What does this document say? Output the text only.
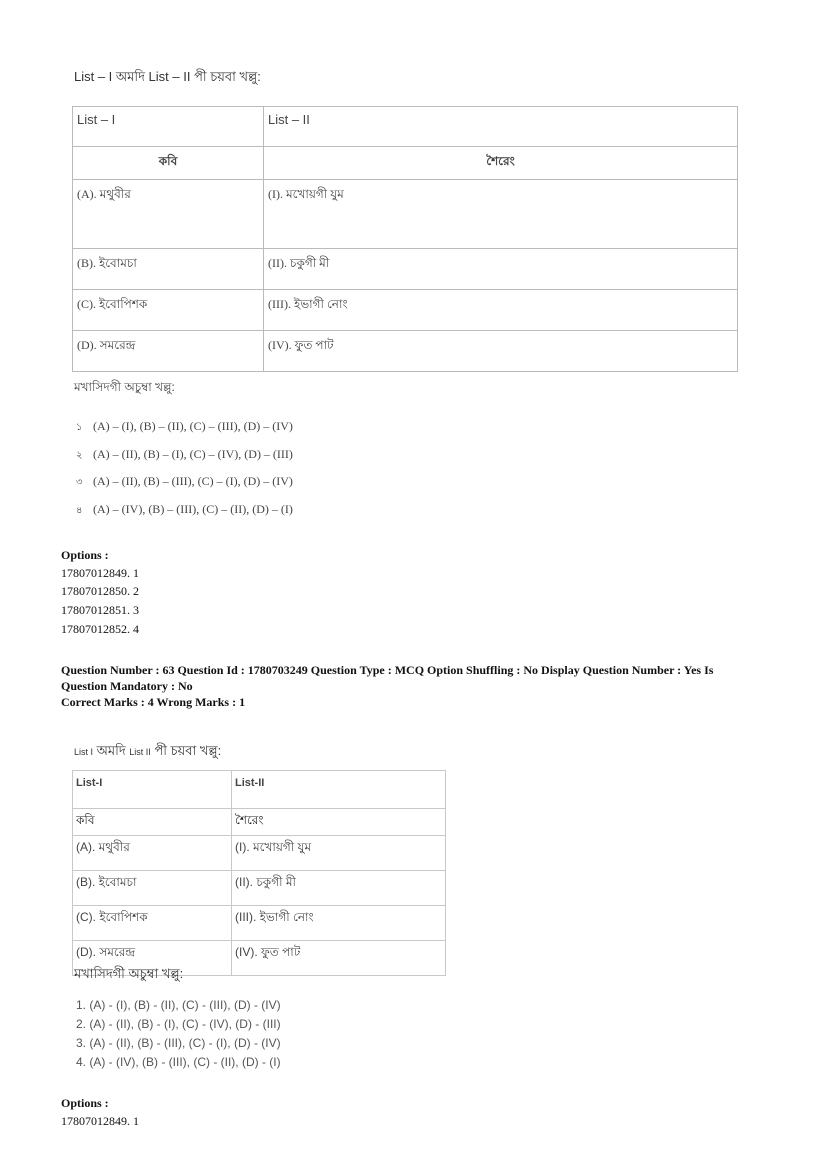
List – I অমদি List – II পী চয়বা খল্লু:
List – I	List – II
কবি	শৈরেং
(A). মথুবীর	(I). মখোয়গী যুম
(B). ইবোমচা	(II). চকুগী মী
(C). ইবোপিশক	(III). ইভাগী নোং
(D). সমরেন্দ্র	(IV). ফুত পাট
মখাসিদগী অচুম্বা খল্লু:
১ (A) – (I), (B) – (II), (C) – (III), (D) – (IV)
২ (A) – (II), (B) – (I), (C) – (IV), (D) – (III)
৩ (A) – (II), (B) – (III), (C) – (I), (D) – (IV)
৪ (A) – (IV), (B) – (III), (C) – (II), (D) – (I)
Options :
17807012849. 1
17807012850. 2
17807012851. 3
17807012852. 4
Question Number : 63 Question Id : 1780703249 Question Type : MCQ Option Shuffling : No Display Question Number : Yes Is
Question Mandatory : No
Correct Marks : 4 Wrong Marks : 1
List I অমদি List II পী চয়বা খল্লু:
List-I	List-II
কবি	শৈরেং
(A). মথুবীর	(I). মখোয়গী যুম
(B). ইবোমচা	(II). চকুগী মী
(C). ইবোপিশক	(III). ইভাগী নোং
(D). সমরেন্দ্র	(IV). ফুত পাট
মখাসিদগী অচুম্বা খল্লু:
1. (A) - (I), (B) - (II), (C) - (III), (D) - (IV)
2. (A) - (II), (B) - (I), (C) - (IV), (D) - (III)
3. (A) - (II), (B) - (III), (C) - (I), (D) - (IV)
4. (A) - (IV), (B) - (III), (C) - (II), (D) - (I)
Options :
17807012849. 1
